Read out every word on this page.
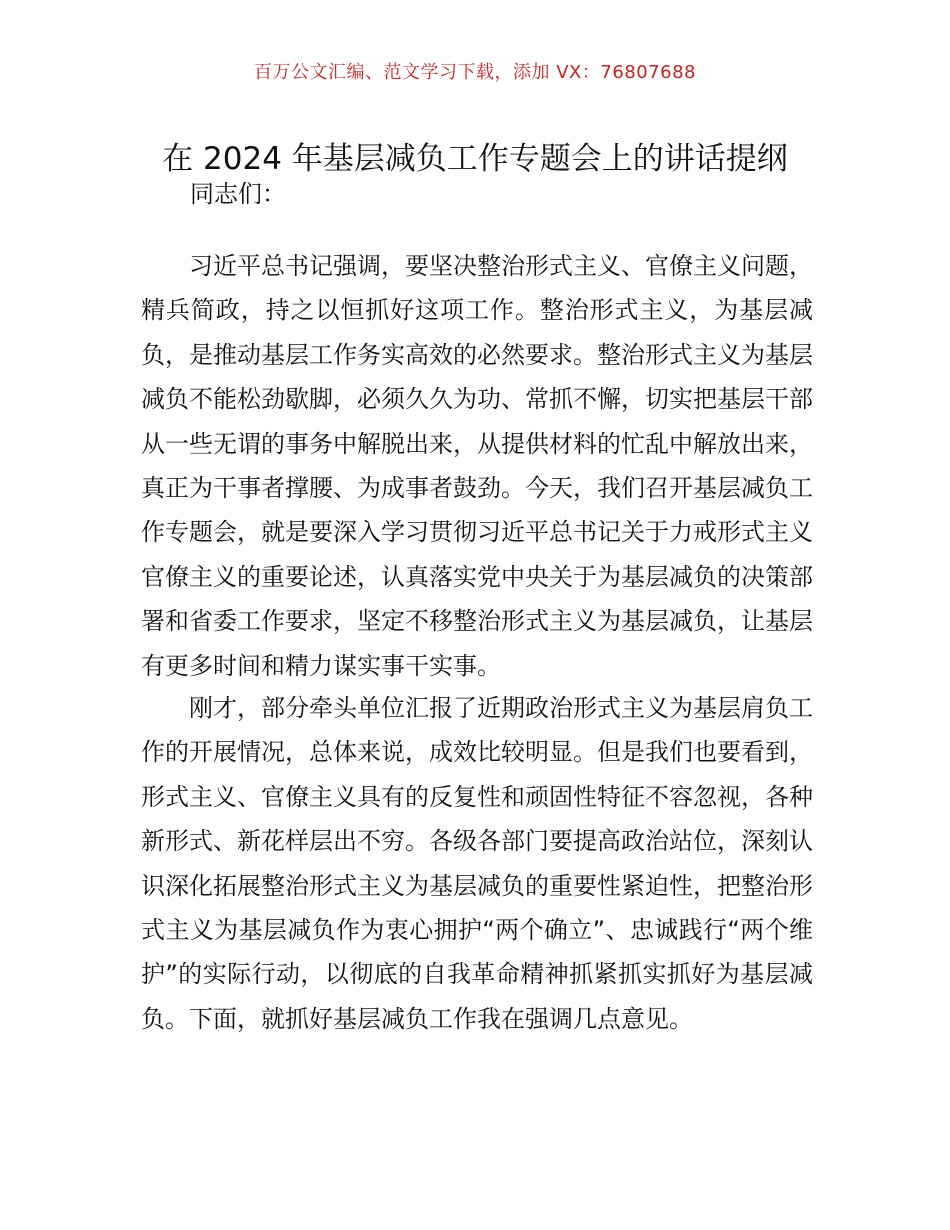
百万公文汇编、范文学习下载，添加 VX：76807688
在 2024 年基层减负工作专题会上的讲话提纲
同志们：

习近平总书记强调，要坚决整治形式主义、官僚主义问题，精兵简政，持之以恒抓好这项工作。整治形式主义，为基层减负，是推动基层工作务实高效的必然要求。整治形式主义为基层减负不能松劲歇脚，必须久久为功、常抓不懈，切实把基层干部从一些无谓的事务中解脱出来，从提供材料的忙乱中解放出来，真正为干事者撑腰、为成事者鼓劲。今天，我们召开基层减负工作专题会，就是要深入学习贯彻习近平总书记关于力戒形式主义官僚主义的重要论述，认真落实党中央关于为基层减负的决策部署和省委工作要求，坚定不移整治形式主义为基层减负，让基层有更多时间和精力谋实事干实事。

刚才，部分牵头单位汇报了近期政治形式主义为基层肩负工作的开展情况，总体来说，成效比较明显。但是我们也要看到，形式主义、官僚主义具有的反复性和顽固性特征不容忽视，各种新形式、新花样层出不穷。各级各部门要提高政治站位，深刻认识深化拓展整治形式主义为基层减负的重要性紧迫性，把整治形式主义为基层减负作为衷心拥护“两个确立”、忠诚践行“两个维护”的实际行动，以彻底的自我革命精神抓紧抓实抓好为基层减负。下面，就抓好基层减负工作我在强调几点意见。
